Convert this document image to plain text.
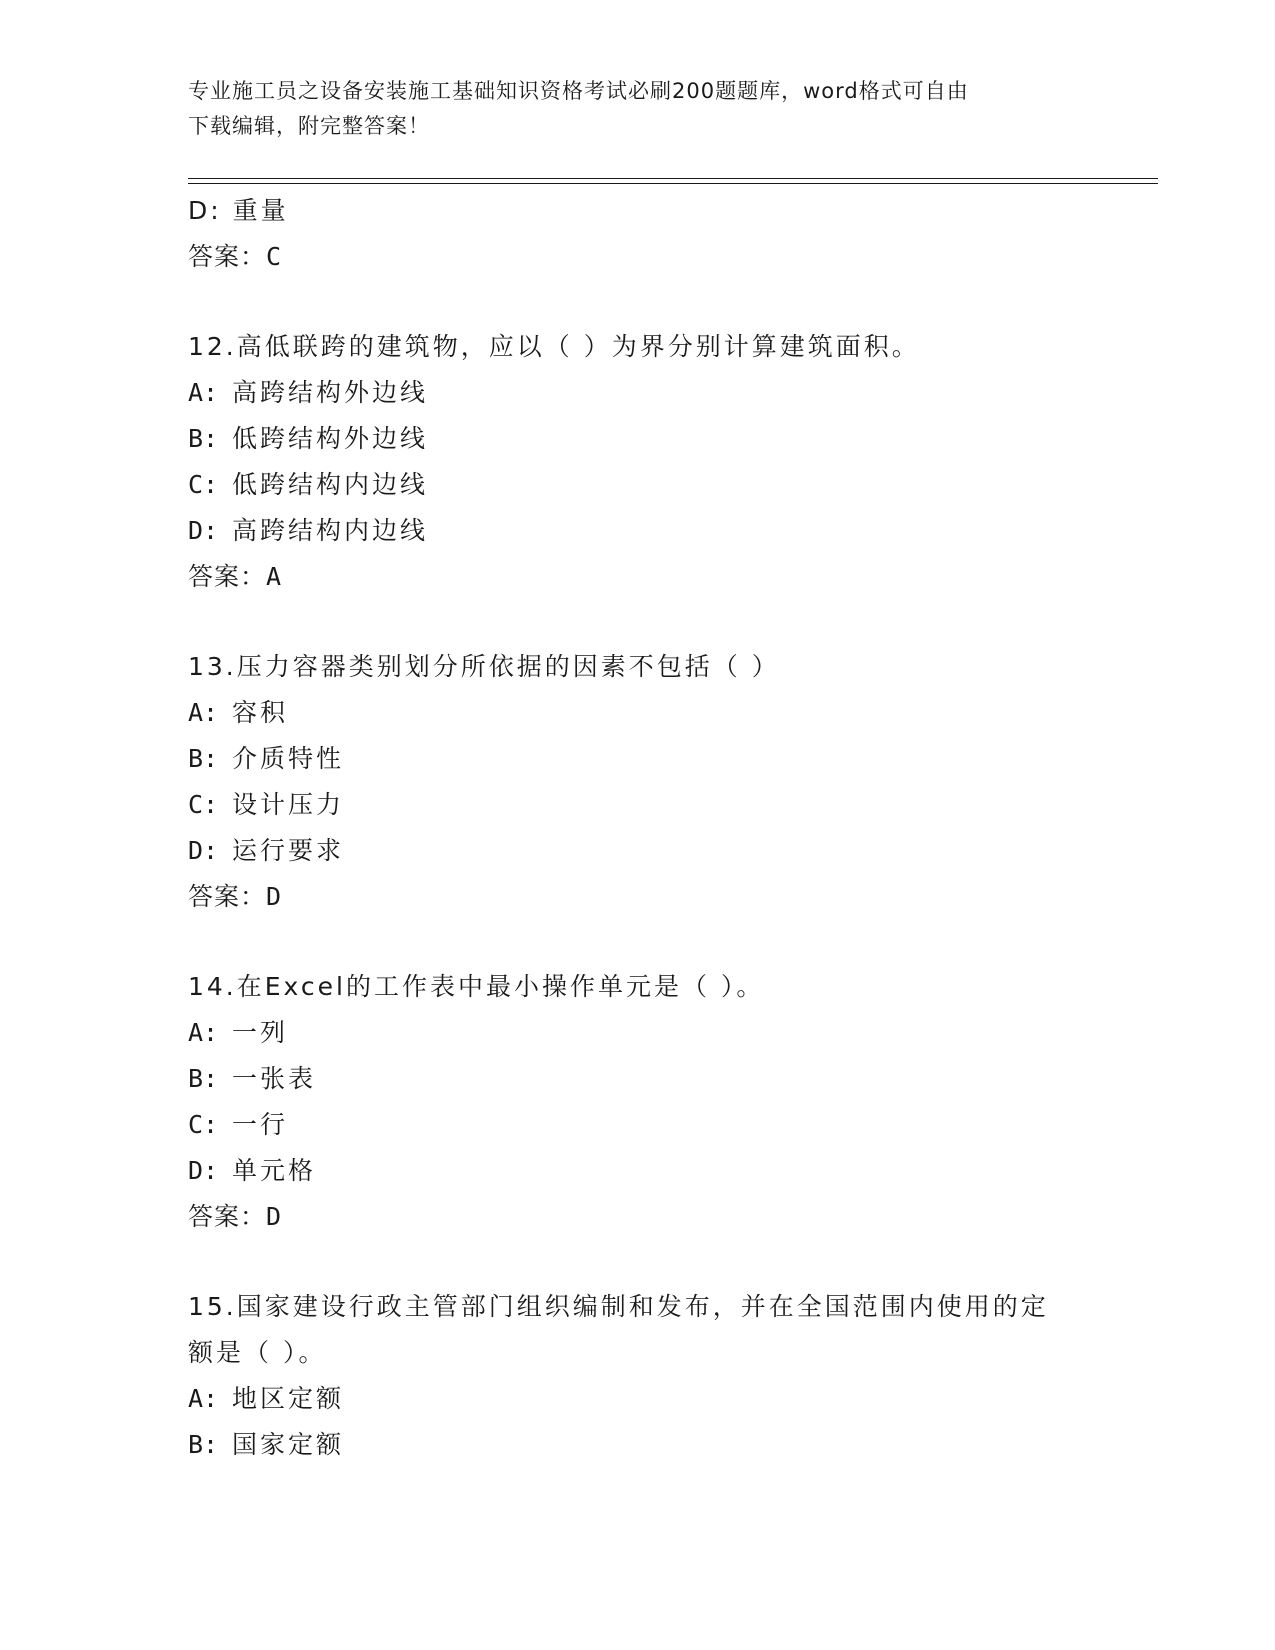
专业施工员之设备安装施工基础知识资格考试必刷200题题库，word格式可自由
下载编辑，附完整答案！
D: 重量
答案：C
12.高低联跨的建筑物，应以（ ）为界分别计算建筑面积。
A: 高跨结构外边线
B: 低跨结构外边线
C: 低跨结构内边线
D: 高跨结构内边线
答案：A
13.压力容器类别划分所依据的因素不包括（ ）
A: 容积
B: 介质特性
C: 设计压力
D: 运行要求
答案：D
14.在Excel的工作表中最小操作单元是（ ）。
A: 一列
B: 一张表
C: 一行
D: 单元格
答案：D
15.国家建设行政主管部门组织编制和发布，并在全国范围内使用的定
额是（ ）。
A: 地区定额
B: 国家定额
